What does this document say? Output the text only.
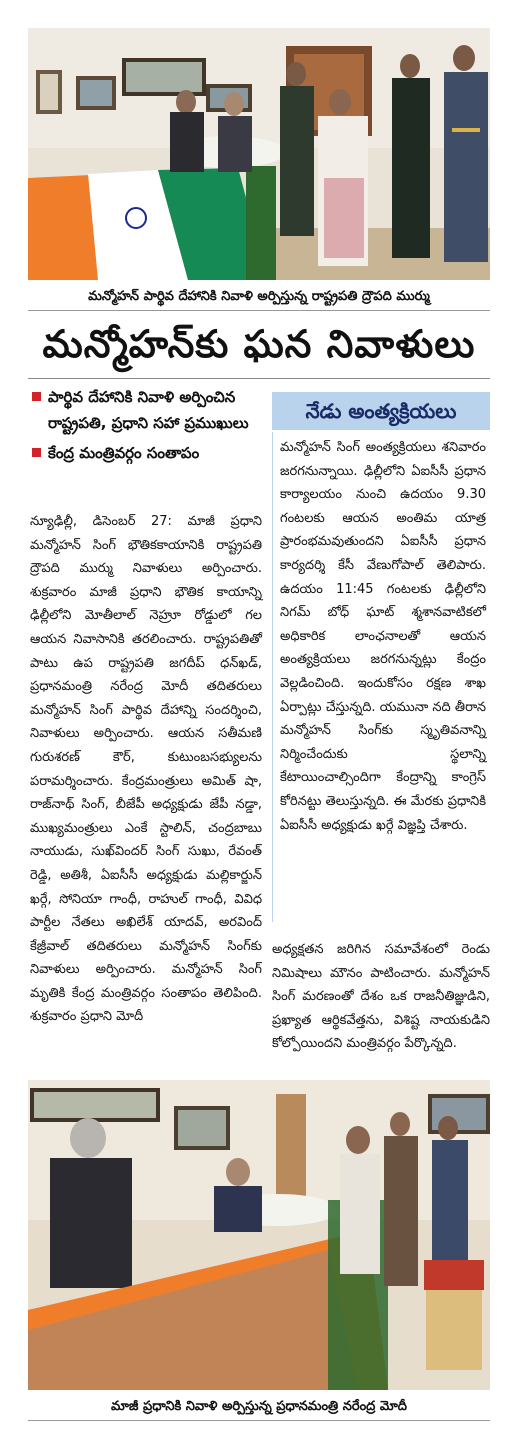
మన్మోహన్ పార్థివ దేహానికి నివాళి అర్పిస్తున్న రాష్ట్రపతి ద్రౌపది ముర్ము
మన్మోహన్‌కు ఘన నివాళులు
పార్థివ దేహానికి నివాళి అర్పించిన రాష్ట్రపతి, ప్రధాని సహా ప్రముఖులు
కేంద్ర మంత్రివర్గం సంతాపం
న్యూఢిల్లీ, డిసెంబర్ 27: మాజీ ప్రధాని మన్మోహన్ సింగ్ భౌతికకాయానికి రాష్ట్రపతి ద్రౌపది ముర్ము నివాళులు అర్పించారు. శుక్రవారం మాజీ ప్రధాని భౌతిక కాయాన్ని ఢిల్లీలోని మోతీలాల్ నెహ్రూ రోడ్డులో గల ఆయన నివాసానికి తరలించారు. రాష్ట్రపతితో పాటు ఉప రాష్ట్రపతి జగదీప్ ధన్‌ఖడ్, ప్రధానమంత్రి నరేంద్ర మోదీ తదితరులు మన్మోహన్ సింగ్ పార్థివ దేహాన్ని సందర్శించి, నివాళులు అర్పించారు. ఆయన సతీమణి గురుశరణ్ కౌర్, కుటుంబసభ్యులను పరామర్శించారు. కేంద్రమంత్రులు అమిత్ షా, రాజ్‌నాథ్ సింగ్, బీజేపీ అధ్యక్షుడు జేపీ నడ్డా, ముఖ్యమంత్రులు ఎంకే స్టాలిన్, చంద్రబాబు నాయుడు, సుఖ్‌విందర్ సింగ్ సుఖు, రేవంత్ రెడ్డి, అతిశీ, ఏఐసీసీ అధ్యక్షుడు మల్లికార్జున్ ఖర్గే, సోనియా గాంధీ, రాహుల్ గాంధీ, వివిధ పార్టీల నేతలు అఖిలేశ్ యాదవ్, అరవింద్ కేజ్రీవాల్ తదితరులు మన్మోహన్ సింగ్‌కు నివాళులు అర్పించారు. మన్మోహన్ సింగ్ మృతికి కేంద్ర మంత్రివర్గం సంతాపం తెలిపింది. శుక్రవారం ప్రధాని మోదీ
నేడు అంత్యక్రియలు
మన్మోహన్ సింగ్ అంత్యక్రియలు శనివారం జరగనున్నాయి. ఢిల్లీలోని ఏఐసీసీ ప్రధాన కార్యాలయం నుంచి ఉదయం 9.30 గంటలకు ఆయన అంతిమ యాత్ర ప్రారంభమవుతుందని ఏఐసీసీ ప్రధాన కార్యదర్శి కేసీ వేణుగోపాల్ తెలిపారు. ఉదయం 11:45 గంటలకు ఢిల్లీలోని నిగమ్ బోధ్ ఘాట్ శ్మశానవాటికలో అధికారిక లాంఛనాలతో ఆయన అంత్యక్రియలు జరగనున్నట్లు కేంద్రం వెల్లడించింది. ఇందుకోసం రక్షణ శాఖ ఏర్పాట్లు చేస్తున్నది. యమునా నది తీరాన మన్మోహన్ సింగ్‌కు స్మృతివనాన్ని నిర్మించేందుకు స్థలాన్ని కేటాయించాల్సిందిగా కేంద్రాన్ని కాంగ్రెస్ కోరినట్టు తెలుస్తున్నది. ఈ మేరకు ప్రధానికి ఏఐసీసీ అధ్యక్షుడు ఖర్గే విజ్ఞప్తి చేశారు.
అధ్యక్షతన జరిగిన సమావేశంలో రెండు నిమిషాలు మౌనం పాటించారు. మన్మోహన్ సింగ్ మరణంతో దేశం ఒక రాజనీతిజ్ఞుడిని, ప్రఖ్యాత ఆర్థికవేత్తను, విశిష్ట నాయకుడిని కోల్పోయిందని మంత్రివర్గం పేర్కొన్నది.
మాజీ ప్రధానికి నివాళి అర్పిస్తున్న ప్రధానమంత్రి నరేంద్ర మోదీ
